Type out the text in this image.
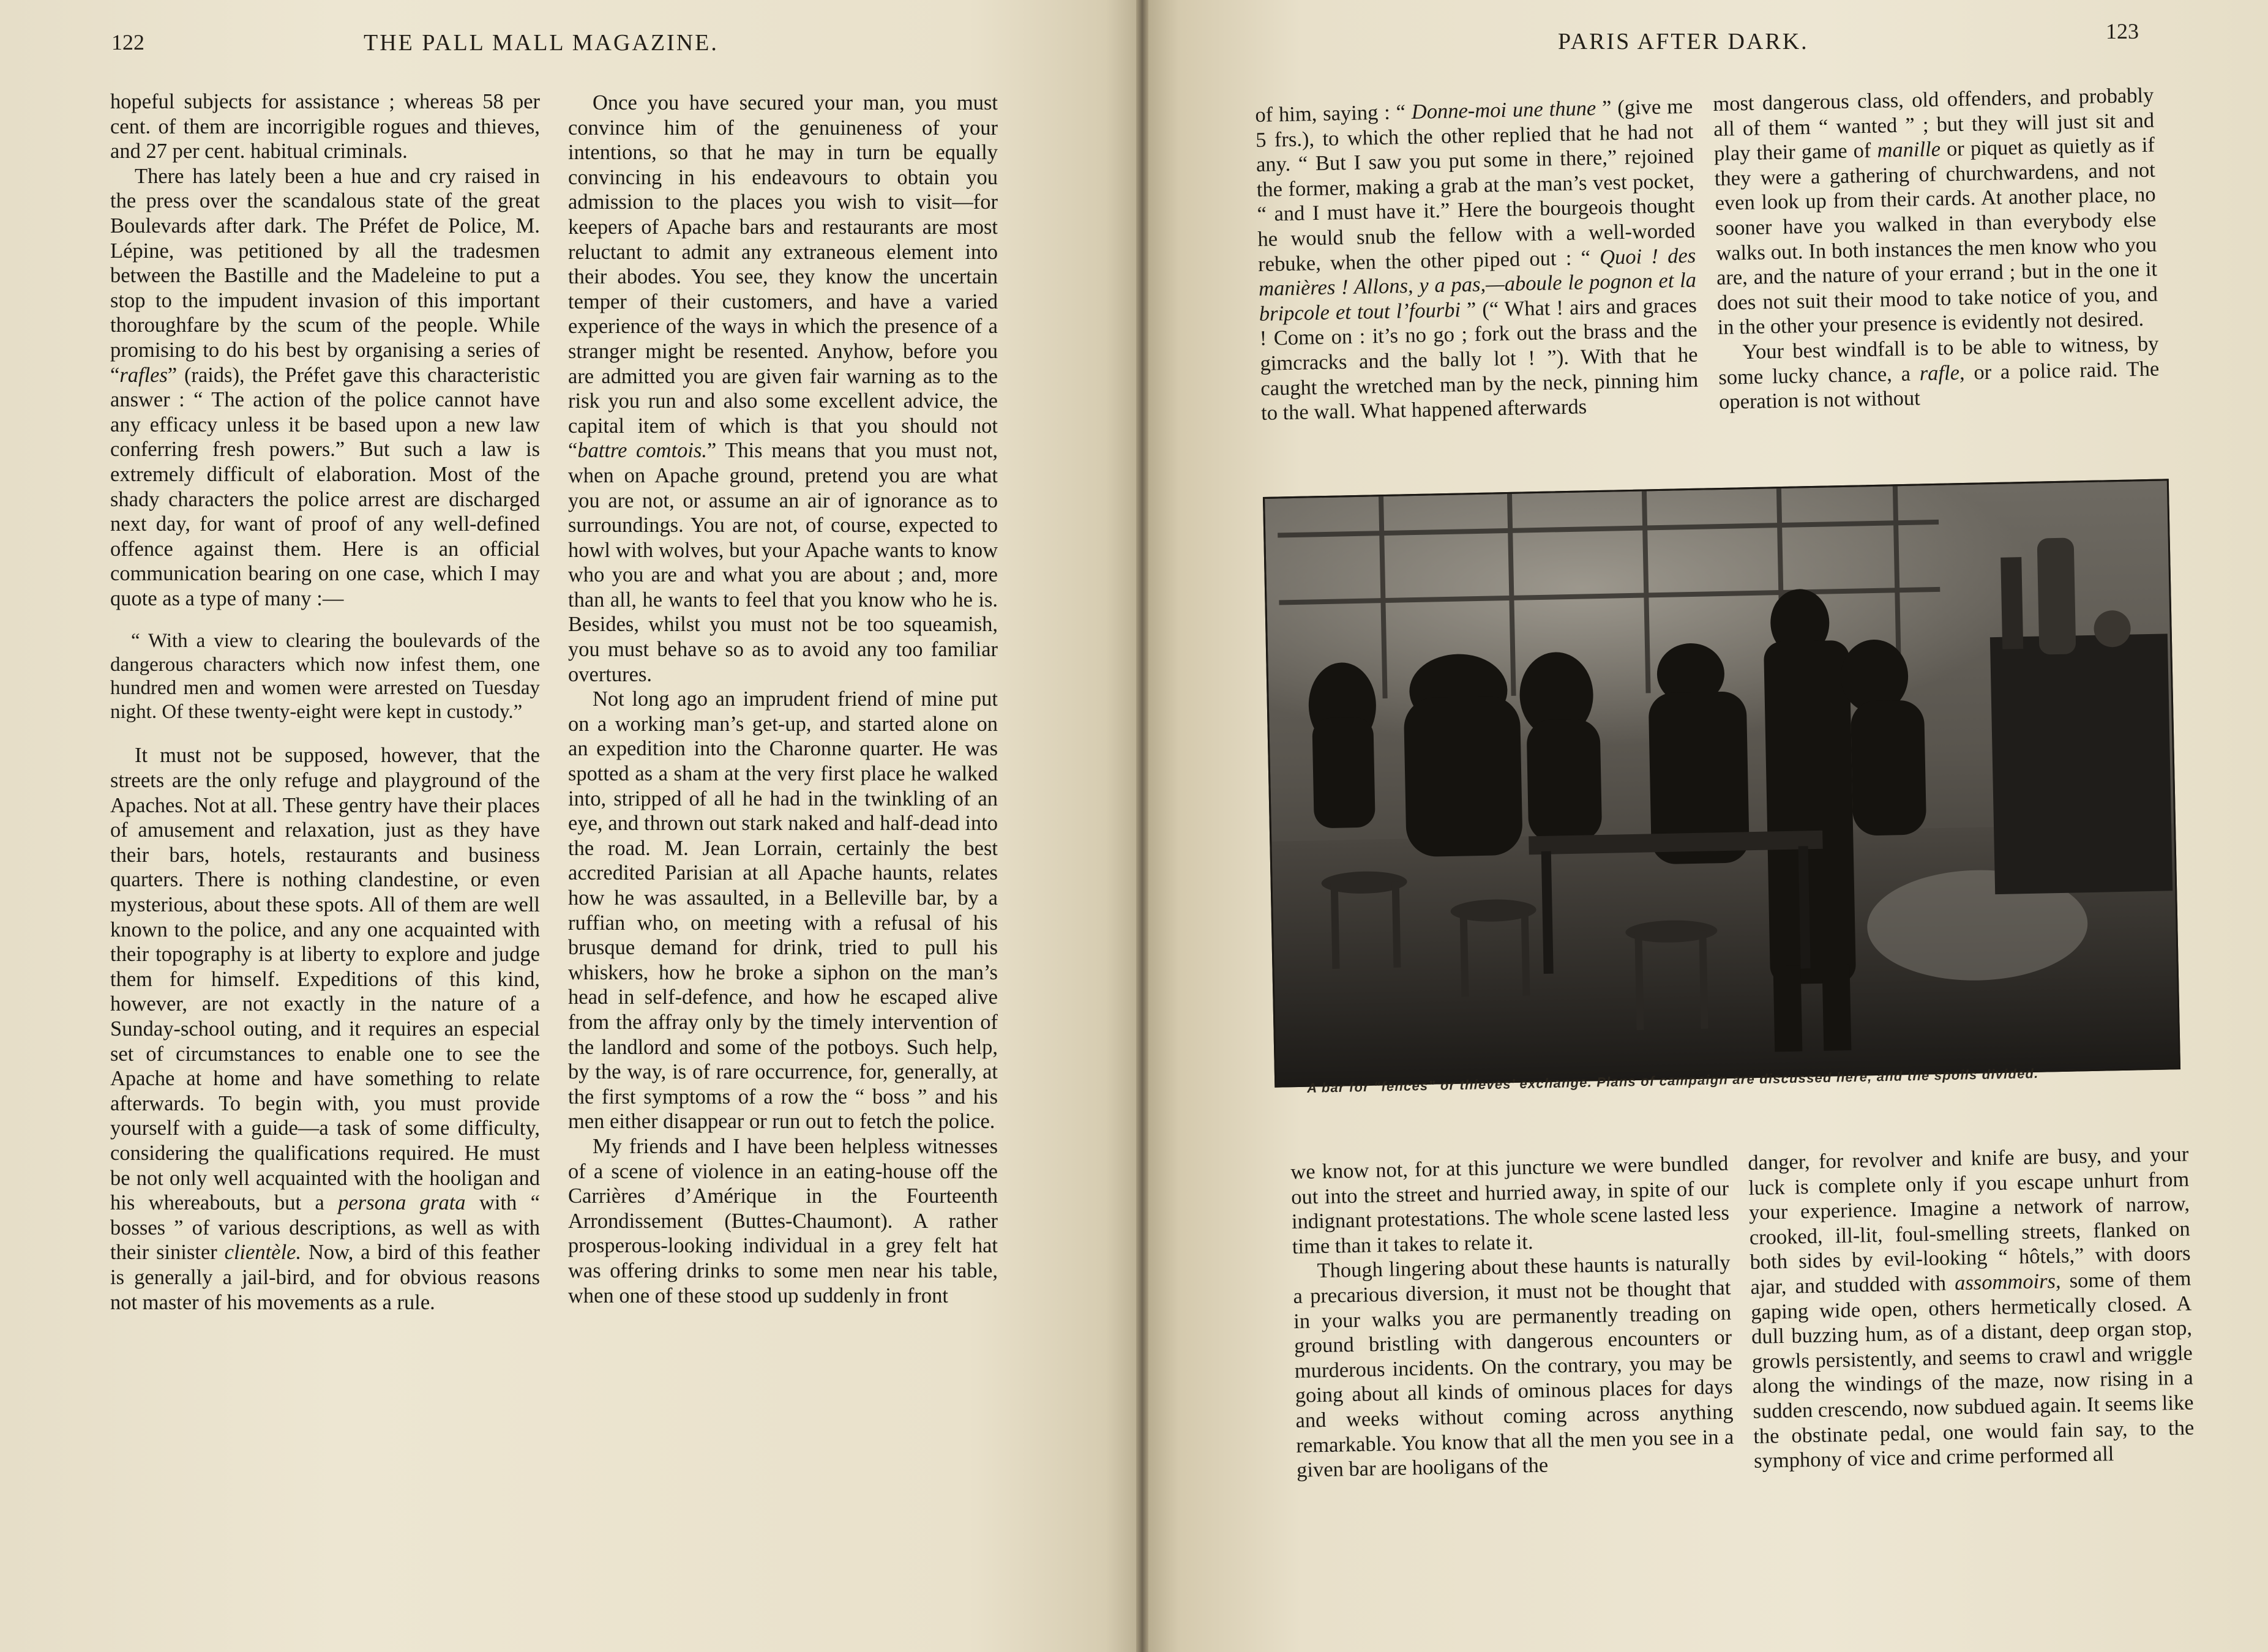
122	THE PALL MALL MAGAZINE.

hopeful subjects for assistance ; whereas 58 per cent. of them are incorrigible rogues and thieves, and 27 per cent. habitual criminals.

There has lately been a hue and cry raised in the press over the scandalous state of the great Boulevards after dark. The Préfet de Police, M. Lépine, was petitioned by all the tradesmen between the Bastille and the Madeleine to put a stop to the impudent invasion of this important thoroughfare by the scum of the people. While promising to do his best by organising a series of “rafles” (raids), the Préfet gave this characteristic answer : “ The action of the police cannot have any efficacy unless it be based upon a new law conferring fresh powers.” But such a law is extremely difficult of elaboration. Most of the shady characters the police arrest are discharged next day, for want of proof of any well-defined offence against them. Here is an official communication bearing on one case, which I may quote as a type of many :—

“ With a view to clearing the boulevards of the dangerous characters which now infest them, one hundred men and women were arrested on Tuesday night. Of these twenty-eight were kept in custody.”

It must not be supposed, however, that the streets are the only refuge and playground of the Apaches. Not at all. These gentry have their places of amusement and relaxation, just as they have their bars, hotels, restaurants and business quarters. There is nothing clandestine, or even mysterious, about these spots. All of them are well known to the police, and any one acquainted with their topography is at liberty to explore and judge them for himself. Expeditions of this kind, however, are not exactly in the nature of a Sunday-school outing, and it requires an especial set of circumstances to enable one to see the Apache at home and have something to relate afterwards. To begin with, you must provide yourself with a guide—a task of some difficulty, considering the qualifications required. He must be not only well acquainted with the hooligan and his whereabouts, but a persona grata with “ bosses ” of various descriptions, as well as with their sinister clientèle. Now, a bird of this feather is generally a jail-bird, and for obvious reasons not master of his movements as a rule.

Once you have secured your man, you must convince him of the genuineness of your intentions, so that he may in turn be equally convincing in his endeavours to obtain you admission to the places you wish to visit—for keepers of Apache bars and restaurants are most reluctant to admit any extraneous element into their abodes. You see, they know the uncertain temper of their customers, and have a varied experience of the ways in which the presence of a stranger might be resented. Anyhow, before you are admitted you are given fair warning as to the risk you run and also some excellent advice, the capital item of which is that you should not “battre comtois.” This means that you must not, when on Apache ground, pretend you are what you are not, or assume an air of ignorance as to surroundings. You are not, of course, expected to howl with wolves, but your Apache wants to know who you are and what you are about ; and, more than all, he wants to feel that you know who he is. Besides, whilst you must not be too squeamish, you must behave so as to avoid any too familiar overtures.

Not long ago an imprudent friend of mine put on a working man’s get-up, and started alone on an expedition into the Charonne quarter. He was spotted as a sham at the very first place he walked into, stripped of all he had in the twinkling of an eye, and thrown out stark naked and half-dead into the road. M. Jean Lorrain, certainly the best accredited Parisian at all Apache haunts, relates how he was assaulted, in a Belleville bar, by a ruffian who, on meeting with a refusal of his brusque demand for drink, tried to pull his whiskers, how he broke a siphon on the man’s head in self-defence, and how he escaped alive from the affray only by the timely intervention of the landlord and some of the potboys. Such help, by the way, is of rare occurrence, for, generally, at the first symptoms of a row the “ boss ” and his men either disappear or run out to fetch the police.

My friends and I have been helpless witnesses of a scene of violence in an eating-house off the Carrières d’Amérique in the Fourteenth Arrondissement (Buttes-Chaumont). A rather prosperous-looking individual in a grey felt hat was offering drinks to some men near his table, when one of these stood up suddenly in front

PARIS AFTER DARK.	123

of him, saying : “ Donne-moi une thune ” (give me 5 frs.), to which the other replied that he had not any. “ But I saw you put some in there,” rejoined the former, making a grab at the man’s vest pocket, “ and I must have it.” Here the bourgeois thought he would snub the fellow with a well-worded rebuke, when the other piped out : “ Quoi ! des manières ! Allons, y a pas,—aboule le pognon et la bripcole et tout l’fourbi ” (“ What ! airs and graces ! Come on : it’s no go ; fork out the brass and the gimcracks and the bally lot ! ”). With that he caught the wretched man by the neck, pinning him to the wall. What happened afterwards

most dangerous class, old offenders, and probably all of them “ wanted ” ; but they will just sit and play their game of manille or piquet as quietly as if they were a gathering of churchwardens, and not even look up from their cards. At another place, no sooner have you walked in than everybody else walks out. In both instances the men know who you are, and the nature of your errand ; but in the one it does not suit their mood to take notice of you, and in the other your presence is evidently not desired.

Your best windfall is to be able to witness, by some lucky chance, a rafle, or a police raid. The operation is not without

A bar for “fences” or thieves’ exchange. Plans of campaign are discussed here, and the spoils divided.

we know not, for at this juncture we were bundled out into the street and hurried away, in spite of our indignant protestations. The whole scene lasted less time than it takes to relate it.

Though lingering about these haunts is naturally a precarious diversion, it must not be thought that in your walks you are permanently treading on ground bristling with dangerous encounters or murderous incidents. On the contrary, you may be going about all kinds of ominous places for days and weeks without coming across anything remarkable. You know that all the men you see in a given bar are hooligans of the

danger, for revolver and knife are busy, and your luck is complete only if you escape unhurt from your experience. Imagine a network of narrow, crooked, ill-lit, foul-smelling streets, flanked on both sides by evil-looking “ hôtels,” with doors ajar, and studded with assommoirs, some of them gaping wide open, others hermetically closed. A dull buzzing hum, as of a distant, deep organ stop, growls persistently, and seems to crawl and wriggle along the windings of the maze, now rising in a sudden crescendo, now subdued again. It seems like the obstinate pedal, one would fain say, to the symphony of vice and crime performed all
